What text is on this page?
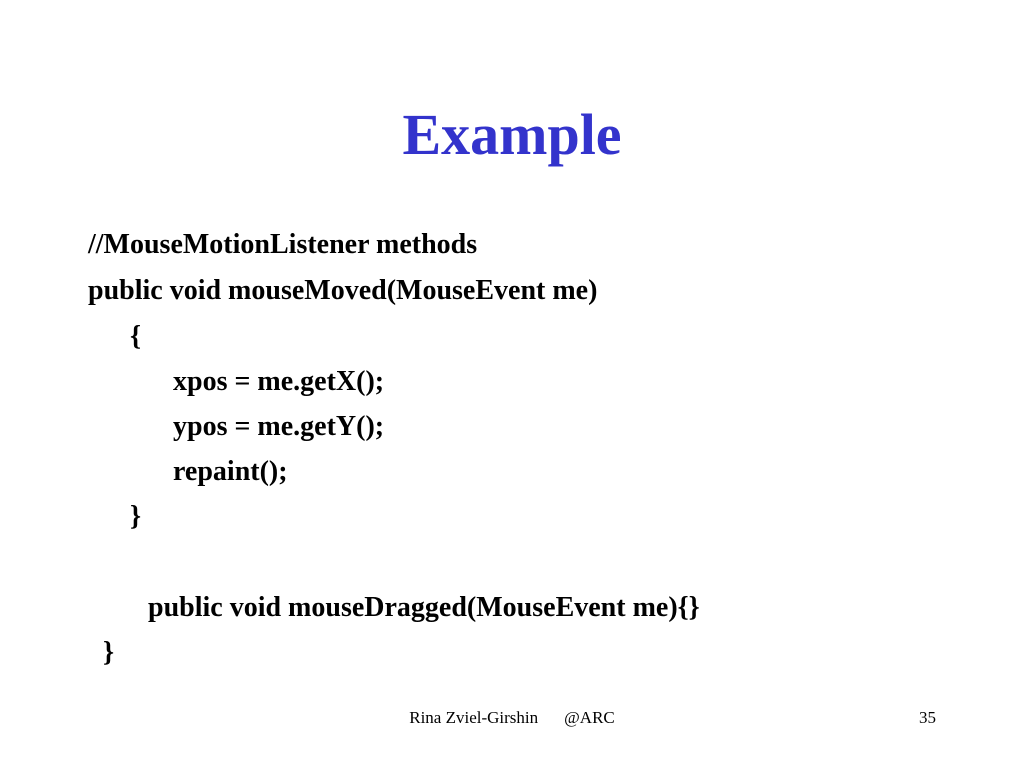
Example
//MouseMotionListener methods
public void mouseMoved(MouseEvent me)
{
xpos = me.getX();
ypos = me.getY();
repaint();
}
public void mouseDragged(MouseEvent me){}
}
Rina Zviel-Girshin @ARC	35
